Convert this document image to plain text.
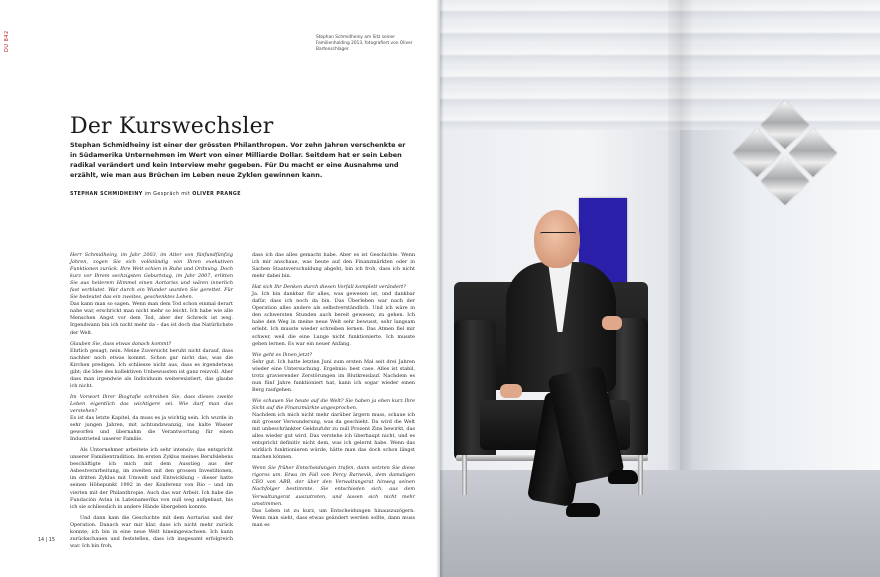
DU 842	Stephan Schmidheiny am Sitz seiner Familienholding 2013, fotografiert von Oliver Bartenschlager.
Der Kurswechsler

Stephan Schmidheiny ist einer der grössten Philanthropen. Vor zehn Jahren verschenkte er in Südamerika Unternehmen im Wert von einer Milliarde Dollar. Seitdem hat er sein Leben radikal verändert und kein Interview mehr gegeben. Für Du macht er eine Ausnahme und erzählt, wie man aus Brüchen im Leben neue Zyklen gewinnen kann.

STEPHAN SCHMIDHEINY im Gespräch mit OLIVER PRANGE

Herr Schmidheiny, im Jahr 2003, im Alter von fünfundfünfzig Jahren, zogen Sie sich vollständig von Ihren exekutiven Funktionen zurück. Ihre Welt schien in Ruhe und Ordnung. Doch kurz vor Ihrem sechzigsten Geburtstag, im Jahr 2007, erlitten Sie aus heiterem Himmel einen Aortariss und wären innerlich fast verblutet. War durch ein Wunder wurden Sie gerettet. Für Sie bedeutet das ein zweites, geschenktes Leben.

Das kann man so sagen. Wenn man dem Tod schon einmal derart nahe war, erschrickt man nicht mehr so leicht. Ich habe wie alle Menschen Angst vor dem Tod, aber der Schreck ist weg. Irgendwann bin ich nicht mehr da – das ist doch das Natürlichste der Welt.

Glauben Sie, dass etwas danach kommt?

Ehrlich gesagt, nein. Meine Zuversicht beruht nicht darauf, dass nachher noch etwas kommt. Schon gar nicht das, was die Kirchen predigen. Ich schliesse nicht aus, dass es irgendetwas gibt; die Idee des kollektiven Unbewussten ist ganz reizvoll. Aber dass man irgendwie als Individuum weiterexistiert, das glaube ich nicht.

Im Vorwort Ihrer Biografie schreiben Sie, dass dieses zweite Leben eigentlich das wichtigere sei. Wie darf man das verstehen?

Es ist das letzte Kapitel, da muss es ja wichtig sein. Ich wurde in sehr jungen Jahren, mit achtundzwanzig, ins kalte Wasser geworfen und übernahm die Verantwortung für einen Industrieteil unserer Familie.

Als Unternehmer arbeitete ich sehr intensiv; das entspricht unserer Familientradition. Im ersten Zyklus meines Berufslebens beschäftigte ich mich mit dem Ausstieg aus der Asbestverarbeitung, im zweiten mit den grossen Investitionen, im dritten Zyklus mit Umwelt und Entwicklung – dieser hatte seinen Höhepunkt 1992 in der Konferenz von Rio – und im vierten mit der Philanthropie. Auch das war Arbeit. Ich habe die Fundación Avina in Lateinamerika von null weg aufgebaut, bis ich sie schliesslich in andere Hände übergeben konnte.

Und dann kam die Geschichte mit dem Aortariss und der Operation. Danach war mir klar, dass ich nicht mehr zurück konnte; ich bin in eine neue Welt hineingewachsen. Ich kann zurückschauen und feststellen, dass ich insgesamt erfolgreich war. Ich bin froh,

dass ich das alles gemacht habe. Aber es ist Geschichte. Wenn ich mir anschaue, was heute auf den Finanzmärkten oder in Sachen Staatsverschuldung abgeht, bin ich froh, dass ich nicht mehr dabei bin.

Hat sich Ihr Denken durch diesen Vorfall komplett verändert?

Ja. Ich bin dankbar für alles, was gewesen ist, und dankbar dafür, dass ich noch da bin. Das Überleben war nach der Operation alles andere als selbstverständlich. Und ich wäre in den schwersten Stunden auch bereit gewesen, zu gehen. Ich habe den Weg in meine neue Welt sehr bewusst, sehr langsam erlebt. Ich musste wieder schreiben lernen. Das Atmen fiel mir schwer, weil die eine Lunge nicht funktionierte. Ich musste gehen lernen. Es war ein neuer Anfang.

Wie geht es Ihnen jetzt?

Sehr gut. Ich hatte letzten Juni zum ersten Mal seit drei Jahren wieder eine Untersuchung. Ergebnis: best case. Alles ist stabil, trotz gravierender Zerstörungen im Blutkreislauf. Nachdem es nun fünf Jahre funktioniert hat, kann ich sogar wieder einen Berg raufgehen.

Wie schauen Sie heute auf die Welt? Sie haben ja eben kurz Ihre Sicht auf die Finanzmärkte angesprochen.

Nachdem ich mich nicht mehr darüber ärgern muss, schaue ich mit grosser Verwunderung, was da geschieht. Da wird die Welt mit unbeschränkter Geldzufuhr zu null Prozent Zins bewirkt, das alles wieder gut wird. Das verstehe ich überhaupt nicht, und es entspricht definitiv nicht dem, was ich gelernt habe. Wenn das wirklich funktionieren würde, hätte man das doch schon längst machen können.

Wenn Sie früher Entscheidungen trafen, dann setzten Sie diese rigoros um. Etwa im Fall von Percy Barnevik, dem damaligen CEO von ABB, der über den Verwaltungsrat hinweg seinen Nachfolger bestimmte. Sie entschieden sich, aus dem Verwaltungsrat auszutreten, und lassen sich nicht mehr umstimmen.

Das Leben ist zu kurz, um Entscheidungen hinauszuzögern. Wenn man sieht, dass etwas geändert werden sollte, dann muss man es

14 | 15
